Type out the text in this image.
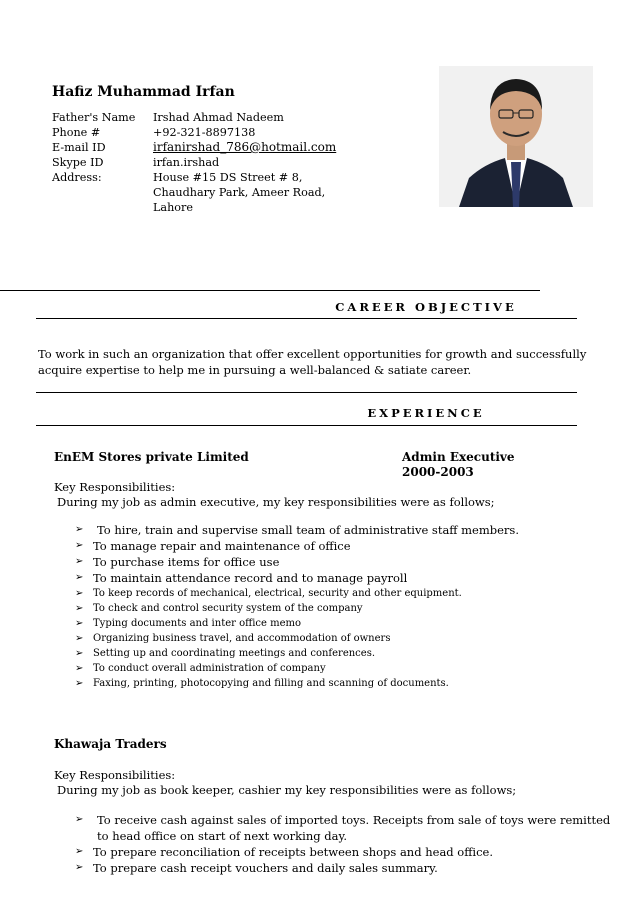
Hafiz Muhammad Irfan
Father's Name	Irshad Ahmad Nadeem
Phone #	+92-321-8897138
E-mail ID	irfanirshad_786@hotmail.com
Skype ID	irfan.irshad
Address:	House #15 DS Street # 8, Chaudhary Park, Ameer Road, Lahore
CAREER OBJECTIVE
To work in such an organization that offer excellent opportunities for growth and successfully acquire expertise to help me in pursuing a well-balanced & satiate career.
EXPERIENCE
EnEM Stores private Limited	Admin Executive
2000-2003
Key Responsibilities:
During my job as admin executive, my key responsibilities were as follows;
➢	To hire, train and supervise small team of administrative staff members.
➢ To manage repair and maintenance of office
➢ To purchase items for office use
➢ To maintain attendance record and to manage payroll
➢ To keep records of mechanical, electrical, security and other equipment.
➢ To check and control security system of the company
➢ Typing documents and inter office memo
➢ Organizing business travel, and accommodation of owners
➢ Setting up and coordinating meetings and conferences.
➢ To conduct overall administration of company
➢ Faxing, printing, photocopying and filling and scanning of documents.
Khawaja Traders
Key Responsibilities:
During my job as book keeper, cashier my key responsibilities were as follows;
➢	To receive cash against sales of imported toys. Receipts from sale of toys were remitted to head office on start of next working day.
➢ To prepare reconciliation of receipts between shops and head office.
➢ To prepare cash receipt vouchers and daily sales summary.
